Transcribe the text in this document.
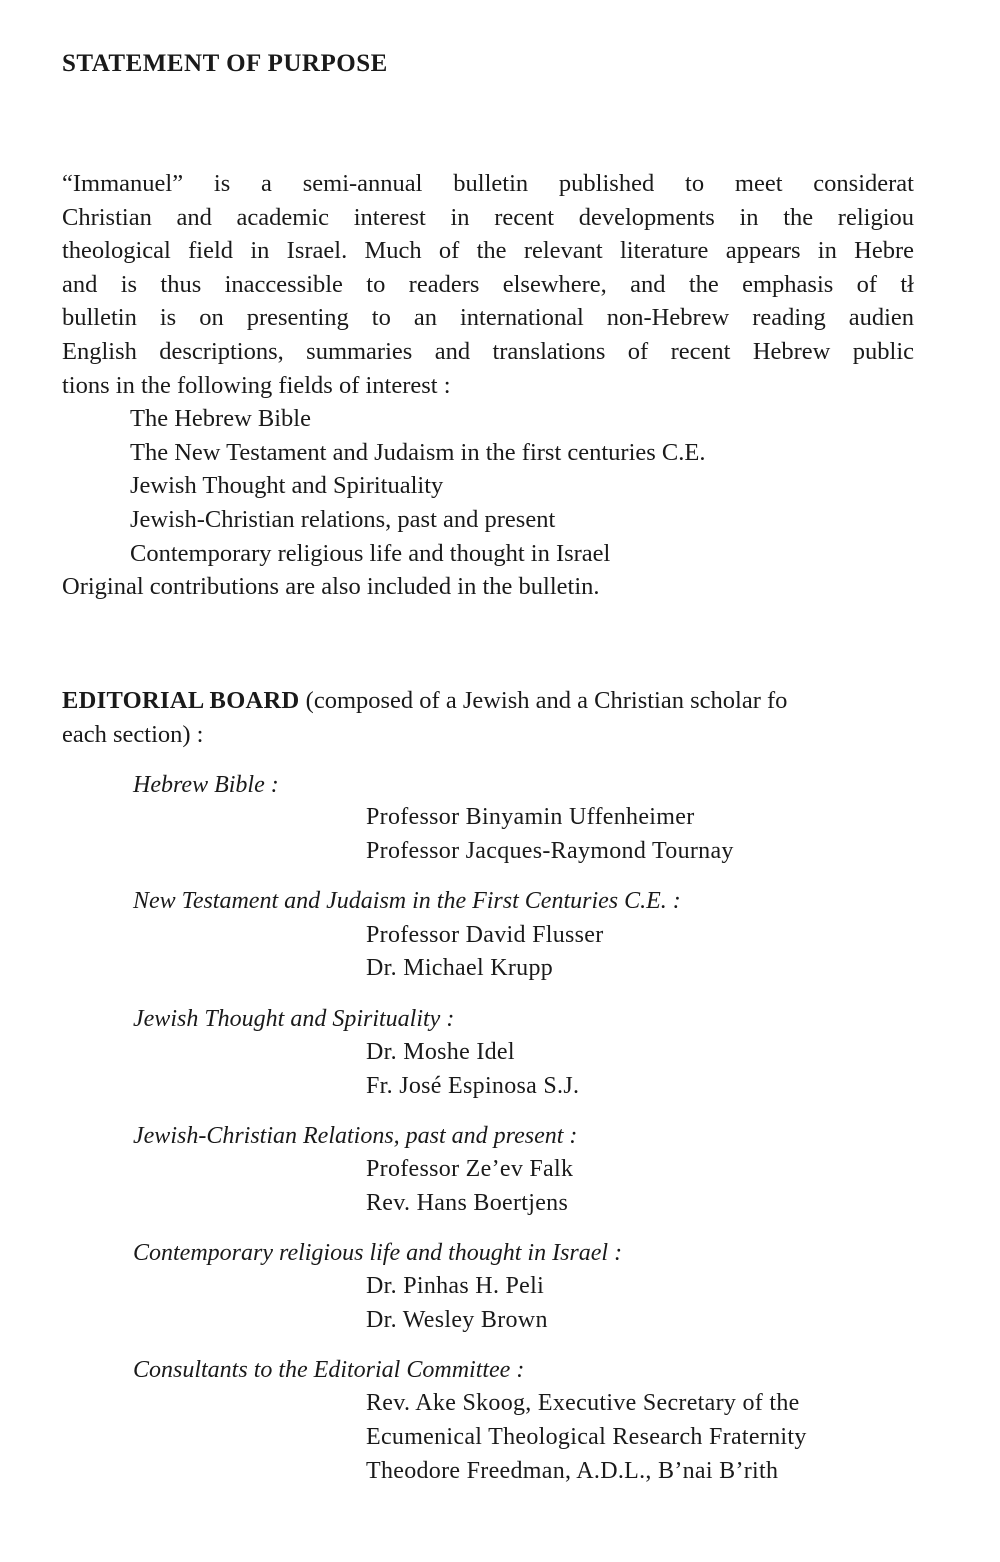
STATEMENT OF PURPOSE
“Immanuel” is a semi-annual bulletin published to meet considerat
Christian and academic interest in recent developments in the religiou
theological field in Israel. Much of the relevant literature appears in Hebre
and is thus inaccessible to readers elsewhere, and the emphasis of tł
bulletin is on presenting to an international non-Hebrew reading audien
English descriptions, summaries and translations of recent Hebrew public
tions in the following fields of interest :
The Hebrew Bible
The New Testament and Judaism in the first centuries C.E.
Jewish Thought and Spirituality
Jewish-Christian relations, past and present
Contemporary religious life and thought in Israel
Original contributions are also included in the bulletin.
EDITORIAL BOARD (composed of a Jewish and a Christian scholar fo
each section) :
Hebrew Bible :
Professor Binyamin Uffenheimer
Professor Jacques-Raymond Tournay
New Testament and Judaism in the First Centuries C.E. :
Professor David Flusser
Dr. Michael Krupp
Jewish Thought and Spirituality :
Dr. Moshe Idel
Fr. José Espinosa S.J.
Jewish-Christian Relations, past and present :
Professor Ze’ev Falk
Rev. Hans Boertjens
Contemporary religious life and thought in Israel :
Dr. Pinhas H. Peli
Dr. Wesley Brown
Consultants to the Editorial Committee :
Rev. Ake Skoog, Executive Secretary of the
Ecumenical Theological Research Fraternity
Theodore Freedman, A.D.L., B’nai B’rith
